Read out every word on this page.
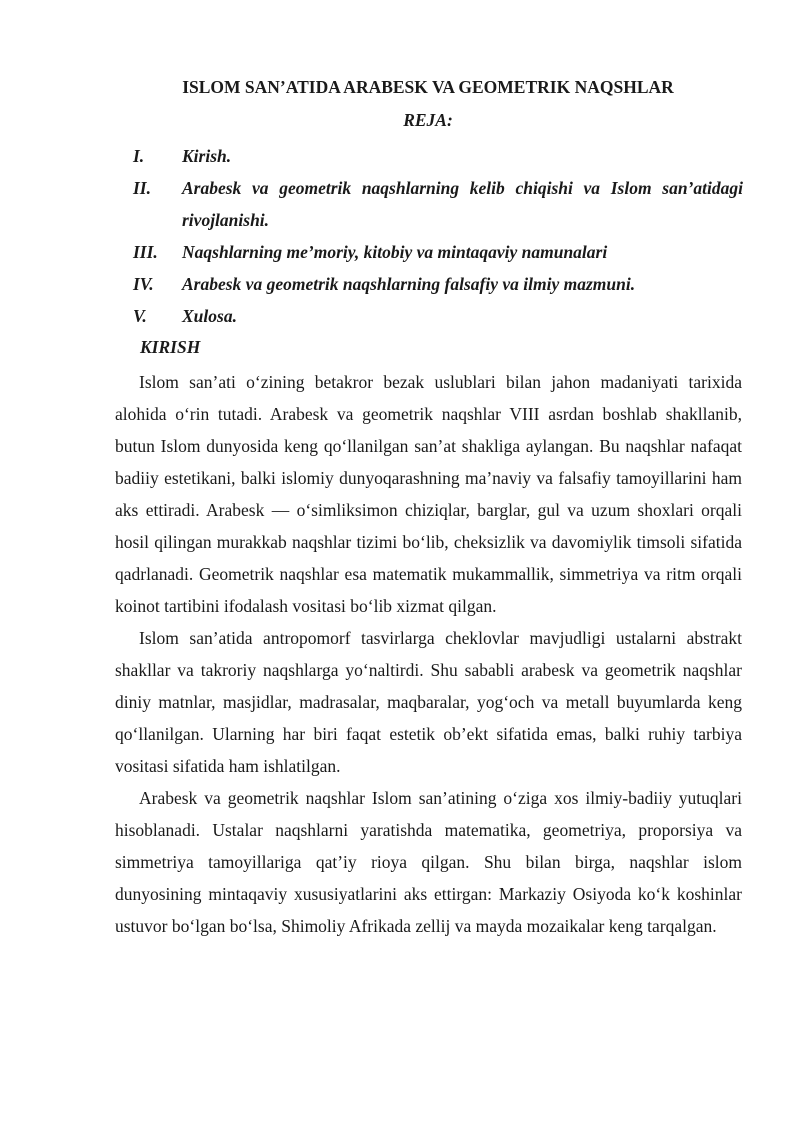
ISLOM SAN’ATIDA ARABESK VA GEOMETRIK NAQSHLAR
REJA:
I. Kirish.
II. Arabesk va geometrik naqshlarning kelib chiqishi va Islom san’atidagi rivojlanishi.
III. Naqshlarning me’moriy, kitobiy va mintaqaviy namunalari
IV. Arabesk va geometrik naqshlarning falsafiy va ilmiy mazmuni.
V. Xulosa.
KIRISH

Islom san’ati o‘zining betakror bezak uslublari bilan jahon madaniyati tarixida alohida o‘rin tutadi. Arabesk va geometrik naqshlar VIII asrdan boshlab shakllanib, butun Islom dunyosida keng qo‘llanilgan san’at shakliga aylangan. Bu naqshlar nafaqat badiiy estetikani, balki islomiy dunyoqarashning ma’naviy va falsafiy tamoyillarini ham aks ettiradi. Arabesk — o‘simliksimon chiziqlar, barglar, gul va uzum shoxlari orqali hosil qilingan murakkab naqshlar tizimi bo‘lib, cheksizlik va davomiylik timsoli sifatida qadrlanadi. Geometrik naqshlar esa matematik mukammallik, simmetriya va ritm orqali koinot tartibini ifodalash vositasi bo‘lib xizmat qilgan.

Islom san’atida antropomorf tasvirlarga cheklovlar mavjudligi ustalarni abstrakt shakllar va takroriy naqshlarga yo‘naltirdi. Shu sababli arabesk va geometrik naqshlar diniy matnlar, masjidlar, madrasalar, maqbaralar, yog‘och va metall buyumlarda keng qo‘llanilgan. Ularning har biri faqat estetik ob’ekt sifatida emas, balki ruhiy tarbiya vositasi sifatida ham ishlatilgan.

Arabesk va geometrik naqshlar Islom san’atining o‘ziga xos ilmiy-badiiy yutuqlari hisoblanadi. Ustalar naqshlarni yaratishda matematika, geometriya, proporsiya va simmetriya tamoyillariga qat’iy rioya qilgan. Shu bilan birga, naqshlar islom dunyosining mintaqaviy xususiyatlarini aks ettirgan: Markaziy Osiyoda ko‘k koshinlar ustuvor bo‘lgan bo‘lsa, Shimoliy Afrikada zellij va mayda mozaikalar keng tarqalgan.
